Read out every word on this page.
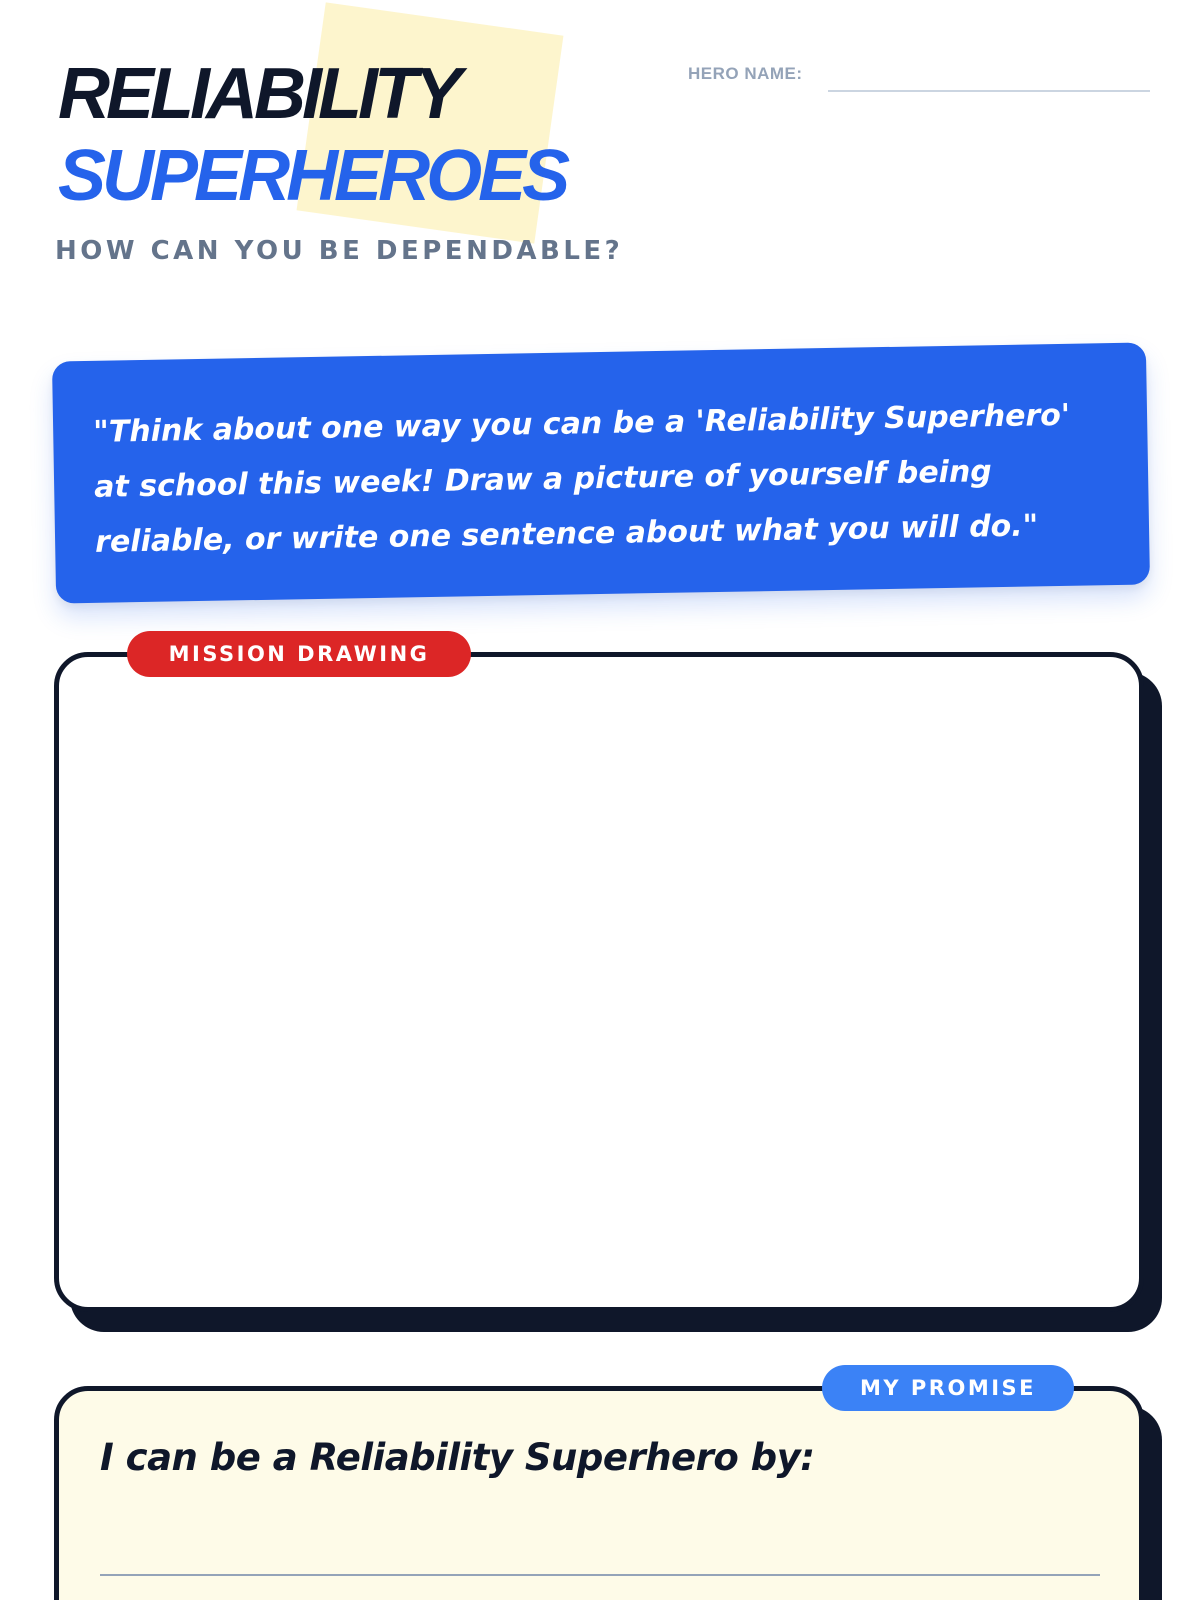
RELIABILITY
SUPERHEROES
HOW CAN YOU BE DEPENDABLE?
HERO NAME:

"Think about one way you can be a 'Reliability Superhero' at school this week! Draw a picture of yourself being reliable, or write one sentence about what you will do."

MISSION DRAWING
MY PROMISE
I can be a Reliability Superhero by:
